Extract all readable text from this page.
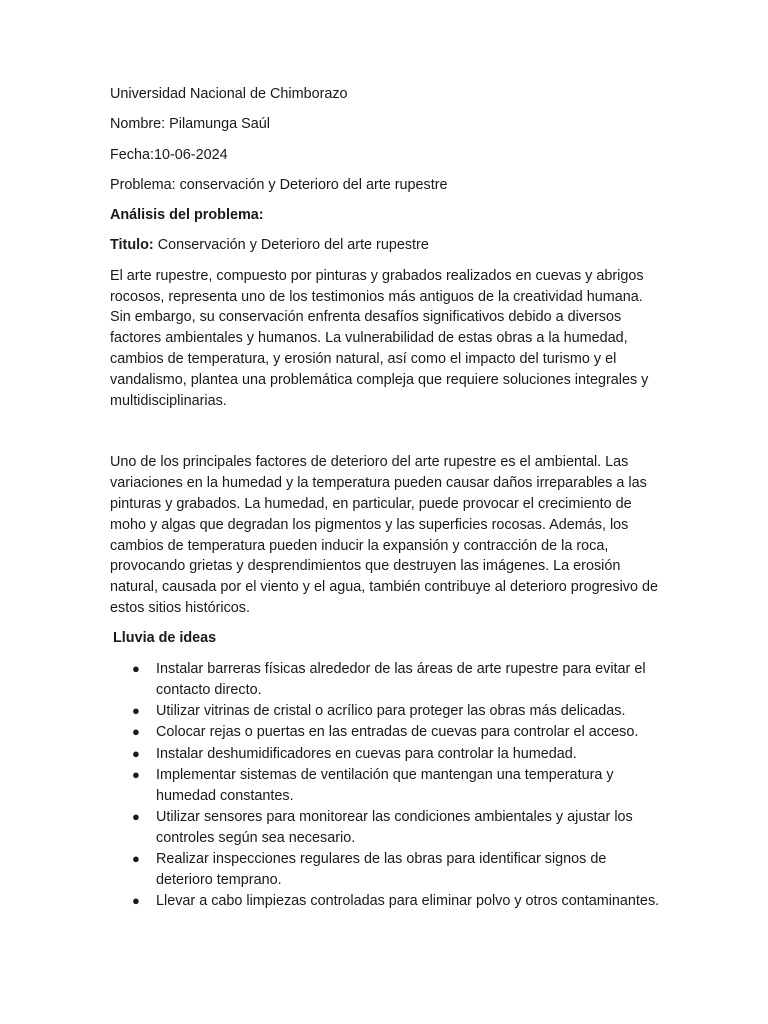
Universidad Nacional de Chimborazo
Nombre: Pilamunga Saúl
Fecha:10-06-2024
Problema: conservación y Deterioro del arte rupestre
Análisis del problema:
Titulo: Conservación y Deterioro del arte rupestre

El arte rupestre, compuesto por pinturas y grabados realizados en cuevas y abrigos rocosos, representa uno de los testimonios más antiguos de la creatividad humana. Sin embargo, su conservación enfrenta desafíos significativos debido a diversos factores ambientales y humanos. La vulnerabilidad de estas obras a la humedad, cambios de temperatura, y erosión natural, así como el impacto del turismo y el vandalismo, plantea una problemática compleja que requiere soluciones integrales y multidisciplinarias.

Uno de los principales factores de deterioro del arte rupestre es el ambiental. Las variaciones en la humedad y la temperatura pueden causar daños irreparables a las pinturas y grabados. La humedad, en particular, puede provocar el crecimiento de moho y algas que degradan los pigmentos y las superficies rocosas. Además, los cambios de temperatura pueden inducir la expansión y contracción de la roca, provocando grietas y desprendimientos que destruyen las imágenes. La erosión natural, causada por el viento y el agua, también contribuye al deterioro progresivo de estos sitios históricos.

Lluvia de ideas
● Instalar barreras físicas alrededor de las áreas de arte rupestre para evitar el contacto directo.
● Utilizar vitrinas de cristal o acrílico para proteger las obras más delicadas.
● Colocar rejas o puertas en las entradas de cuevas para controlar el acceso.
● Instalar deshumidificadores en cuevas para controlar la humedad.
● Implementar sistemas de ventilación que mantengan una temperatura y humedad constantes.
● Utilizar sensores para monitorear las condiciones ambientales y ajustar los controles según sea necesario.
● Realizar inspecciones regulares de las obras para identificar signos de deterioro temprano.
● Llevar a cabo limpiezas controladas para eliminar polvo y otros contaminantes.
